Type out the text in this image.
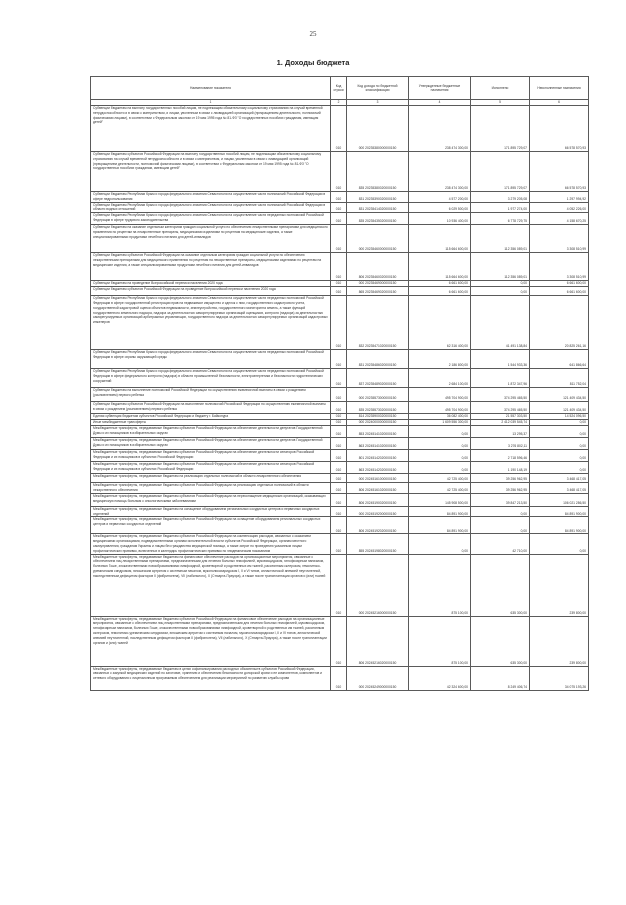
25
1. Доходы бюджета
Наименование показателя	Код строки	Код дохода по бюджетной классификации	Утвержденные бюджетные назначения	Исполнено	Неисполненные назначения
1	2	3	4	5	6
Субвенции бюджетам на выплату государственных пособий лицам, не подлежащим обязательному социальному страхованию на случай временной нетрудоспособности и в связи с материнством, и лицам, уволенным в связи с ликвидацией организаций (прекращением деятельности, полномочий физическими лицами), в соответствии с Федеральным законом от 19 мая 1995 года № 81-ФЗ "О государственных пособиях гражданам, имеющим детей"	010	000 20235380000000150	238 474 300,00	171 895 729,07	66 578 570,93
Субвенции бюджетам субъектов Российской Федерации на выплату государственных пособий лицам, не подлежащим обязательному социальному страхованию на случай временной нетрудоспособности и в связи с материнством, и лицам, уволенным в связи с ликвидацией организаций (прекращением деятельности, полномочий физическими лицами), в соответствии с Федеральным законом от 19 мая 1995 года № 81-ФЗ "О государственных пособиях гражданам, имеющим детей"	010	835 20235380020000150	238 474 300,00	171 895 729,07	66 578 570,93
Субвенции бюджетам Республики Крым и города федерального значения Севастополя на осуществление части полномочий Российской Федерации в сфере недропользования	010	831 20235390020000150	4 577 200,00	3 279 205,08	1 297 994,92
Субвенции бюджетам Республики Крым и города федерального значения Севастополя на осуществление части полномочий Российской Федерации в области водных отношений	010	831 20235414020000150	6 029 500,00	1 977 274,00	4 052 226,00
Субвенции бюджетам Республики Крым и города федерального значения Севастополя на осуществление части переданных полномочий Российской Федерации в сфере трудового законодательства	010	835 20235435020000150	10 936 400,00	6 778 729,75	4 158 670,25
Субвенции бюджетам на оказание отдельным категориям граждан социальной услуги по обеспечению лекарственными препаратами для медицинского применения по рецептам на лекарственные препараты, медицинскими изделиями по рецептам на медицинские изделия, а также специализированными продуктами лечебного питания для детей-инвалидов	010	000 20235460000000150	115 664 600,00	112 356 089,01	3 308 510,99
Субвенции бюджетам субъектов Российской Федерации на оказание отдельным категориям граждан социальной услуги по обеспечению лекарственными препаратами для медицинского применения по рецептам на лекарственные препараты, медицинскими изделиями по рецептам на медицинские изделия, а также специализированными продуктами лечебного питания для детей-инвалидов	010	806 20235460020000150	115 664 600,00	112 356 089,01	3 308 510,99
Субвенции бюджетам на проведение Всероссийской переписи населения 2020 года	010	000 20235469000000150	6 661 600,00	0,00	6 661 600,00
Субвенции бюджетам субъектов Российской Федерации на проведение Всероссийской переписи населения 2020 года	010	865 20235469020000150	6 661 600,00	0,00	6 661 600,00
Субвенции бюджетам Республики Крым и города федерального значения Севастополя на осуществление части переданных полномочий Российской Федерации в сфере государственной регистрации прав на недвижимое имущество и сделок с ним, государственного кадастрового учета, государственной кадастровой оценки объектов недвижимости, землеустройства, государственного мониторинга земель, а также функций государственного земельного надзора, надзора за деятельностью саморегулируемых организаций оценщиков, контроля (надзора) за деятельностью саморегулируемых организаций арбитражных управляющих, государственного надзора за деятельностью саморегулируемых организаций кадастровых инженеров	010	832 20235471020000150	62 316 400,00	41 491 138,84	20 825 261,16
Субвенции бюджетам Республики Крым и города федерального значения Севастополя на осуществление части переданных полномочий Российской Федерации в сфере охраны окружающей среды	010	831 20235486020000150	2 186 800,00	1 544 933,36	641 866,64
Субвенции бюджетам Республики Крым и города федерального значения Севастополя на осуществление части переданных полномочий Российской Федерации в сфере федерального контроля (надзора) в области промышленной безопасности, электроэнергетики и безопасности гидротехнических сооружений	010	837 20235489020000150	2 684 100,00	1 872 347,96	811 752,04
Субвенции бюджетам на выполнение полномочий Российской Федерации по осуществлению ежемесячной выплаты в связи с рождением (усыновлением) первого ребенка	010	000 20235573000000150	495 704 900,00	374 295 465,50	121 409 434,50
Субвенции бюджетам субъектов Российской Федерации на выполнение полномочий Российской Федерации по осуществлению ежемесячной выплаты в связи с рождением (усыновлением) первого ребенка	010	835 20235573020000150	495 704 900,00	374 295 465,50	121 409 434,50
Единая субвенция бюджетам субъектов Российской Федерации и бюджету г. Байконура	010	814 20235900020000150	36 082 400,00	21 557 303,50	14 524 096,50
Иные межбюджетные трансферты	010	000 20240000000000150	1 609 556 300,00	2 412 039 545,74	0,00
Межбюджетные трансферты, передаваемые бюджетам субъектов Российской Федерации на обеспечение деятельности депутатов Государственной Думы и их помощников в избирательных округах	010	853 20245141020000150	0,00	13 295,37	0,00
Межбюджетные трансферты, передаваемые бюджетам субъектов Российской Федерации на обеспечение деятельности депутатов Государственной Думы и их помощников в избирательных округах	010	863 20245141020000150	0,00	3 276 802,11	0,00
Межбюджетные трансферты, передаваемые бюджетам субъектов Российской Федерации на обеспечение деятельности сенаторов Российской Федерации и их помощников в субъектах Российской Федерации	010	801 20245142020000150	0,00	2 718 596,46	0,00
Межбюджетные трансферты, передаваемые бюджетам субъектов Российской Федерации на обеспечение деятельности сенаторов Российской Федерации и их помощников в субъектах Российской Федерации	010	863 20245142020000150	0,00	1 190 148,19	0,00
Межбюджетные трансферты, передаваемые бюджетам на реализацию отдельных полномочий в области лекарственного обеспечения	010	000 20245161000000150	42 725 400,00	39 256 962,95	3 468 417,05
Межбюджетные трансферты, передаваемые бюджетам субъектов Российской Федерации на реализацию отдельных полномочий в области лекарственного обеспечения	010	806 20245161020000150	42 725 400,00	39 256 962,95	3 468 417,05
Межбюджетные трансферты, передаваемые бюджетам субъектов Российской Федерации на переоснащение медицинских организаций, оказывающих медицинскую помощь больным с онкологическими заболеваниями	010	806 20245190020000150	145 908 500,00	39 847 213,50	106 021 286,50
Межбюджетные трансферты, передаваемые бюджетам на оснащение оборудованием региональных сосудистых центров и первичных сосудистых отделений	010	000 20245192000000150	84 891 900,00	0,00	84 891 900,00
Межбюджетные трансферты, передаваемые бюджетам субъектов Российской Федерации на оснащение оборудованием региональных сосудистых центров и первичных сосудистых отделений	010	806 20245192020000150	84 891 900,00	0,00	84 891 900,00
Межбюджетные трансферты, передаваемые бюджетам субъектов Российской Федерации на компенсацию расходов, связанных с оказанием медицинскими организациями, подведомственными органам исполнительной власти субъектов Российской Федерации, органам местного самоуправления, гражданам Украины и лицам без гражданства медицинской помощи, а также затрат по проведению указанным лицам профилактических прививок, включенных в календарь профилактических прививок по эпидемическим показаниям	010	855 20245198020000150	0,00	42 710,00	0,00
Межбюджетные трансферты, передаваемые бюджетам на финансовое обеспечение расходов на организационные мероприятия, связанные с обеспечением лиц лекарственными препаратами, предназначенными для лечения больных гемофилией, муковисцидозом, гипофизарным нанизмом, болезнью Гоше, злокачественными новообразованиями лимфоидной, кроветворной и родственных им тканей, рассеянным склерозом, гемолитико-уремическим синдромом, юношеским артритом с системным началом, мукополисахаридозом I, II и VI типов, апластической анемией неуточненной, наследственным дефицитом факторов II (фибриногена), VII (лабильного), X (Стюарта-Прауэра), а также после трансплантации органов и (или) тканей	010	000 20245216000000150	875 100,00	635 300,00	239 800,00
Межбюджетные трансферты, передаваемые бюджетам субъектов Российской Федерации на финансовое обеспечение расходов на организационные мероприятия, связанные с обеспечением лиц лекарственными препаратами, предназначенными для лечения больных гемофилией, муковисцидозом, гипофизарным нанизмом, болезнью Гоше, злокачественными новообразованиями лимфоидной, кроветворной и родственных им тканей, рассеянным склерозом, гемолитико-уремическим синдромом, юношеским артритом с системным началом, мукополисахаридозом I, II и VI типов, апластической анемией неуточненной, наследственным дефицитом факторов II (фибриногена), VII (лабильного), X (Стюарта-Прауэра), а также после трансплантации органов и (или) тканей	010	806 20245216020000150	875 100,00	635 300,00	239 800,00
Межбюджетные трансферты, передаваемые бюджетам в целях софинансирования расходных обязательств субъектов Российской Федерации, связанных с закупкой медицинских изделий по заготовке, хранению и обеспечению безопасности донорской крови и ее компонентов, компонентов и сетевого оборудования с лицензионным программным обеспечением для реализации мероприятий по развитию службы крови	010	000 20245249000000150	42 324 600,00	8 249 406,74	34 075 193,26
